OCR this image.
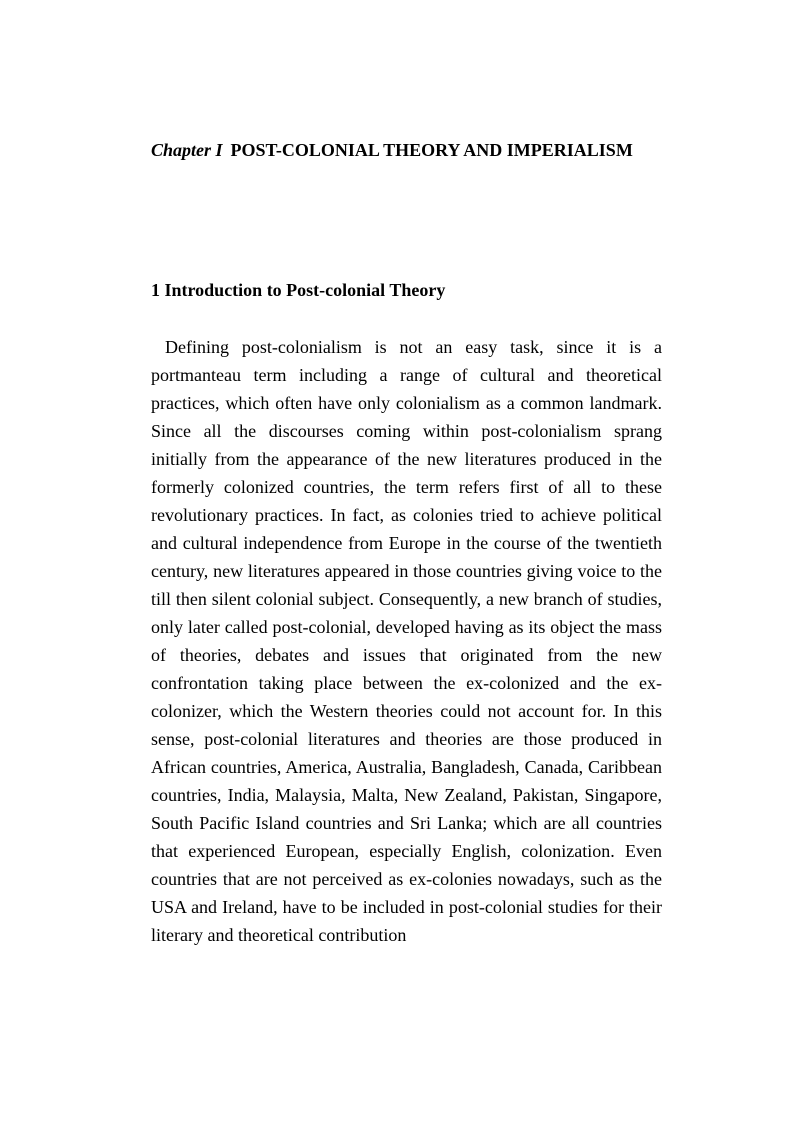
Chapter I POST-COLONIAL THEORY AND IMPERIALISM
1 Introduction to Post-colonial Theory

Defining post-colonialism is not an easy task, since it is a portmanteau term including a range of cultural and theoretical practices, which often have only colonialism as a common landmark. Since all the discourses coming within post-colonialism sprang initially from the appearance of the new literatures produced in the formerly colonized countries, the term refers first of all to these revolutionary practices. In fact, as colonies tried to achieve political and cultural independence from Europe in the course of the twentieth century, new literatures appeared in those countries giving voice to the till then silent colonial subject. Consequently, a new branch of studies, only later called post-colonial, developed having as its object the mass of theories, debates and issues that originated from the new confrontation taking place between the ex-colonized and the ex-colonizer, which the Western theories could not account for. In this sense, post-colonial literatures and theories are those produced in African countries, America, Australia, Bangladesh, Canada, Caribbean countries, India, Malaysia, Malta, New Zealand, Pakistan, Singapore, South Pacific Island countries and Sri Lanka; which are all countries that experienced European, especially English, colonization. Even countries that are not perceived as ex-colonies nowadays, such as the USA and Ireland, have to be included in post-colonial studies for their literary and theoretical contribution
